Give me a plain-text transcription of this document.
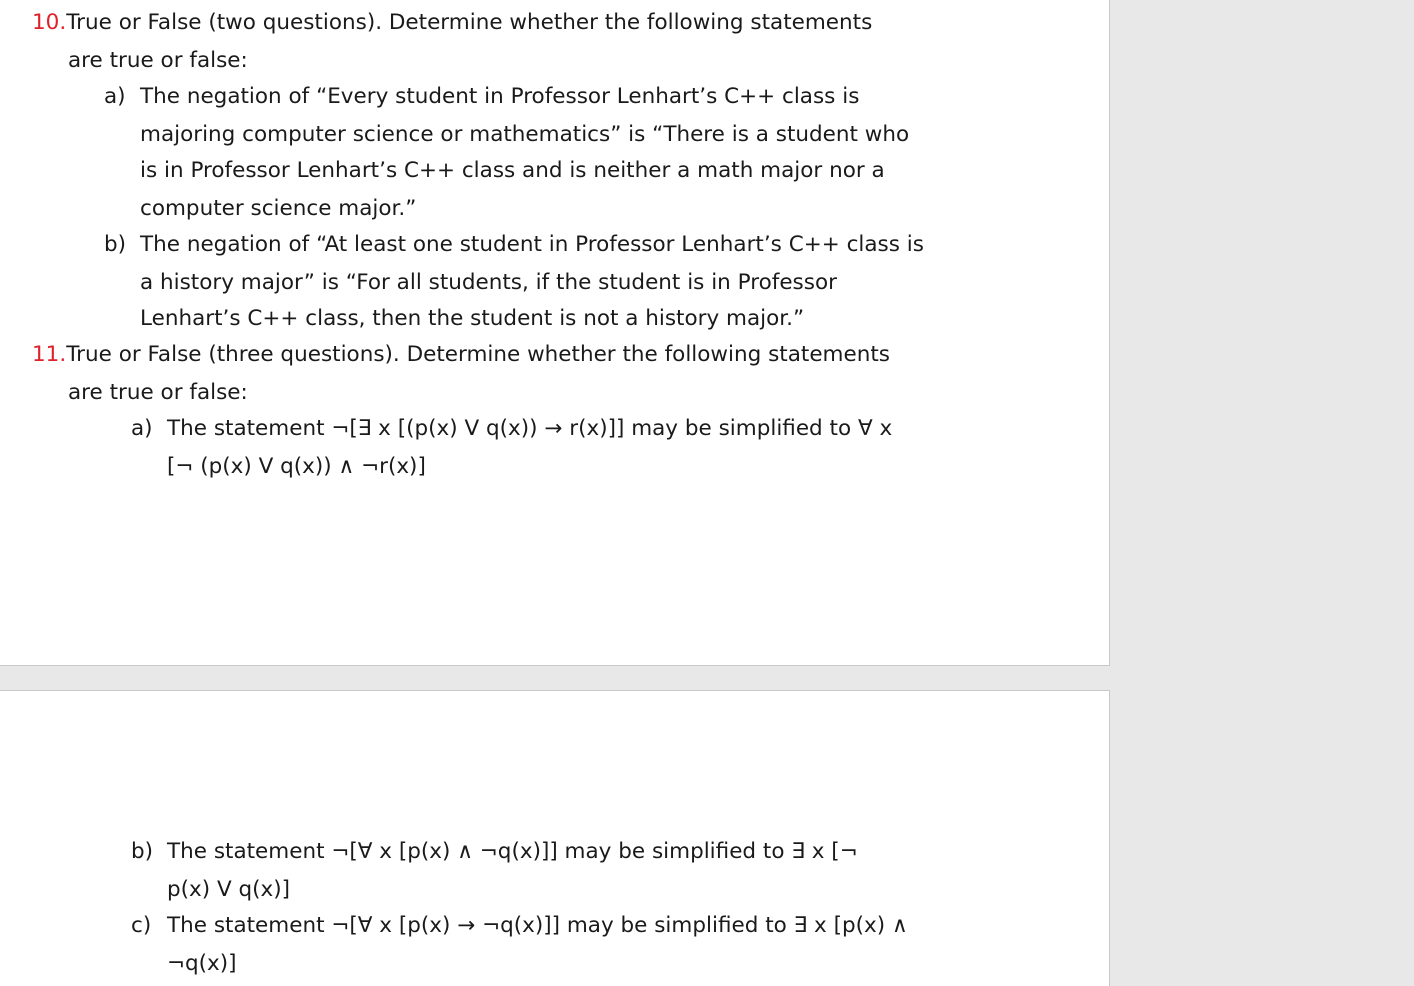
10.True or False (two questions). Determine whether the following statements
are true or false:
a) The negation of “Every student in Professor Lenhart’s C++ class is
majoring computer science or mathematics” is “There is a student who
is in Professor Lenhart’s C++ class and is neither a math major nor a
computer science major.”
b) The negation of “At least one student in Professor Lenhart’s C++ class is
a history major” is “For all students, if the student is in Professor
Lenhart’s C++ class, then the student is not a history major.”
11.True or False (three questions). Determine whether the following statements
are true or false:
a) The statement ¬[∃ x [(p(x) V q(x)) → r(x)]] may be simplified to ∀ x
[¬ (p(x) V q(x)) ∧ ¬r(x)]
b) The statement ¬[∀ x [p(x) ∧ ¬q(x)]] may be simplified to ∃ x [¬
p(x) V q(x)]
c) The statement ¬[∀ x [p(x) → ¬q(x)]] may be simplified to ∃ x [p(x) ∧
¬q(x)]
